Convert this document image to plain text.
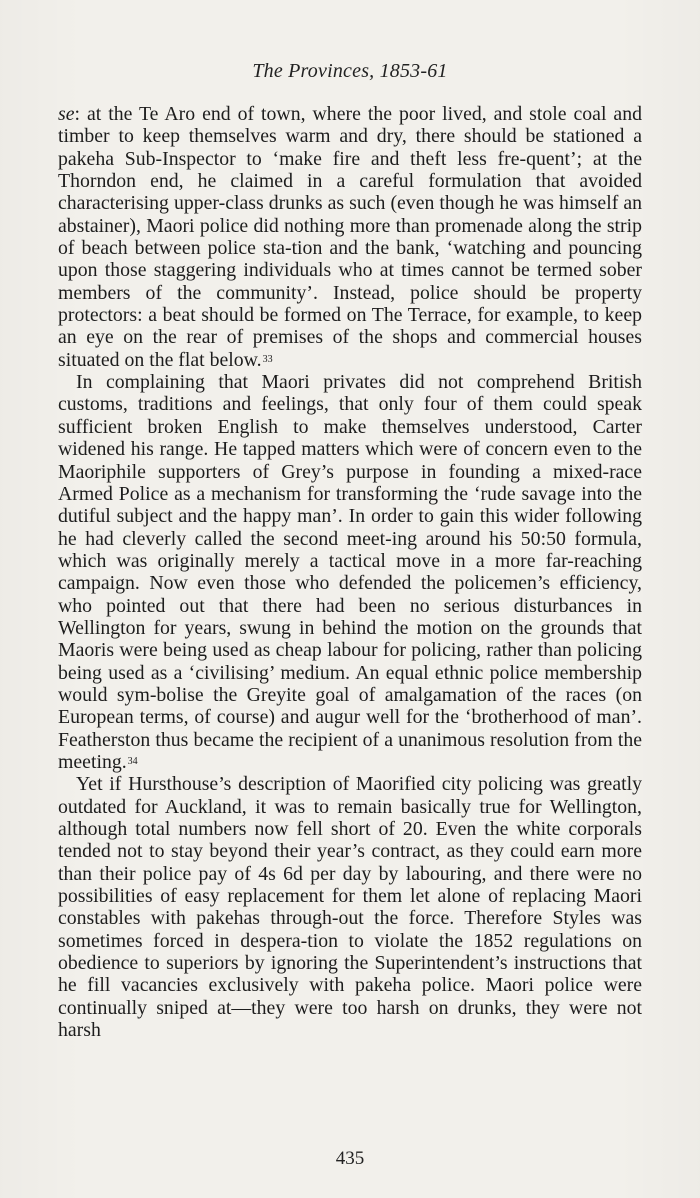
The Provinces, 1853-61

se: at the Te Aro end of town, where the poor lived, and stole coal and timber to keep themselves warm and dry, there should be stationed a pakeha Sub-Inspector to ‘make fire and theft less fre-quent’; at the Thorndon end, he claimed in a careful formulation that avoided characterising upper-class drunks as such (even though he was himself an abstainer), Maori police did nothing more than promenade along the strip of beach between police sta-tion and the bank, ‘watching and pouncing upon those staggering individuals who at times cannot be termed sober members of the community’. Instead, police should be property protectors: a beat should be formed on The Terrace, for example, to keep an eye on the rear of premises of the shops and commercial houses situated on the flat below.$^{33}$

In complaining that Maori privates did not comprehend British customs, traditions and feelings, that only four of them could speak sufficient broken English to make themselves understood, Carter widened his range. He tapped matters which were of concern even to the Maoriphile supporters of Grey’s purpose in founding a mixed-race Armed Police as a mechanism for transforming the ‘rude savage into the dutiful subject and the happy man’. In order to gain this wider following he had cleverly called the second meet-ing around his 50:50 formula, which was originally merely a tactical move in a more far-reaching campaign. Now even those who defended the policemen’s efficiency, who pointed out that there had been no serious disturbances in Wellington for years, swung in behind the motion on the grounds that Maoris were being used as cheap labour for policing, rather than policing being used as a ‘civilising’ medium. An equal ethnic police membership would sym-bolise the Greyite goal of amalgamation of the races (on European terms, of course) and augur well for the ‘brotherhood of man’. Featherston thus became the recipient of a unanimous resolution from the meeting.$^{34}$

Yet if Hursthouse’s description of Maorified city policing was greatly outdated for Auckland, it was to remain basically true for Wellington, although total numbers now fell short of 20. Even the white corporals tended not to stay beyond their year’s contract, as they could earn more than their police pay of 4s 6d per day by labouring, and there were no possibilities of easy replacement for them let alone of replacing Maori constables with pakehas through-out the force. Therefore Styles was sometimes forced in despera-tion to violate the 1852 regulations on obedience to superiors by ignoring the Superintendent’s instructions that he fill vacancies exclusively with pakeha police. Maori police were continually sniped at—they were too harsh on drunks, they were not harsh

435
